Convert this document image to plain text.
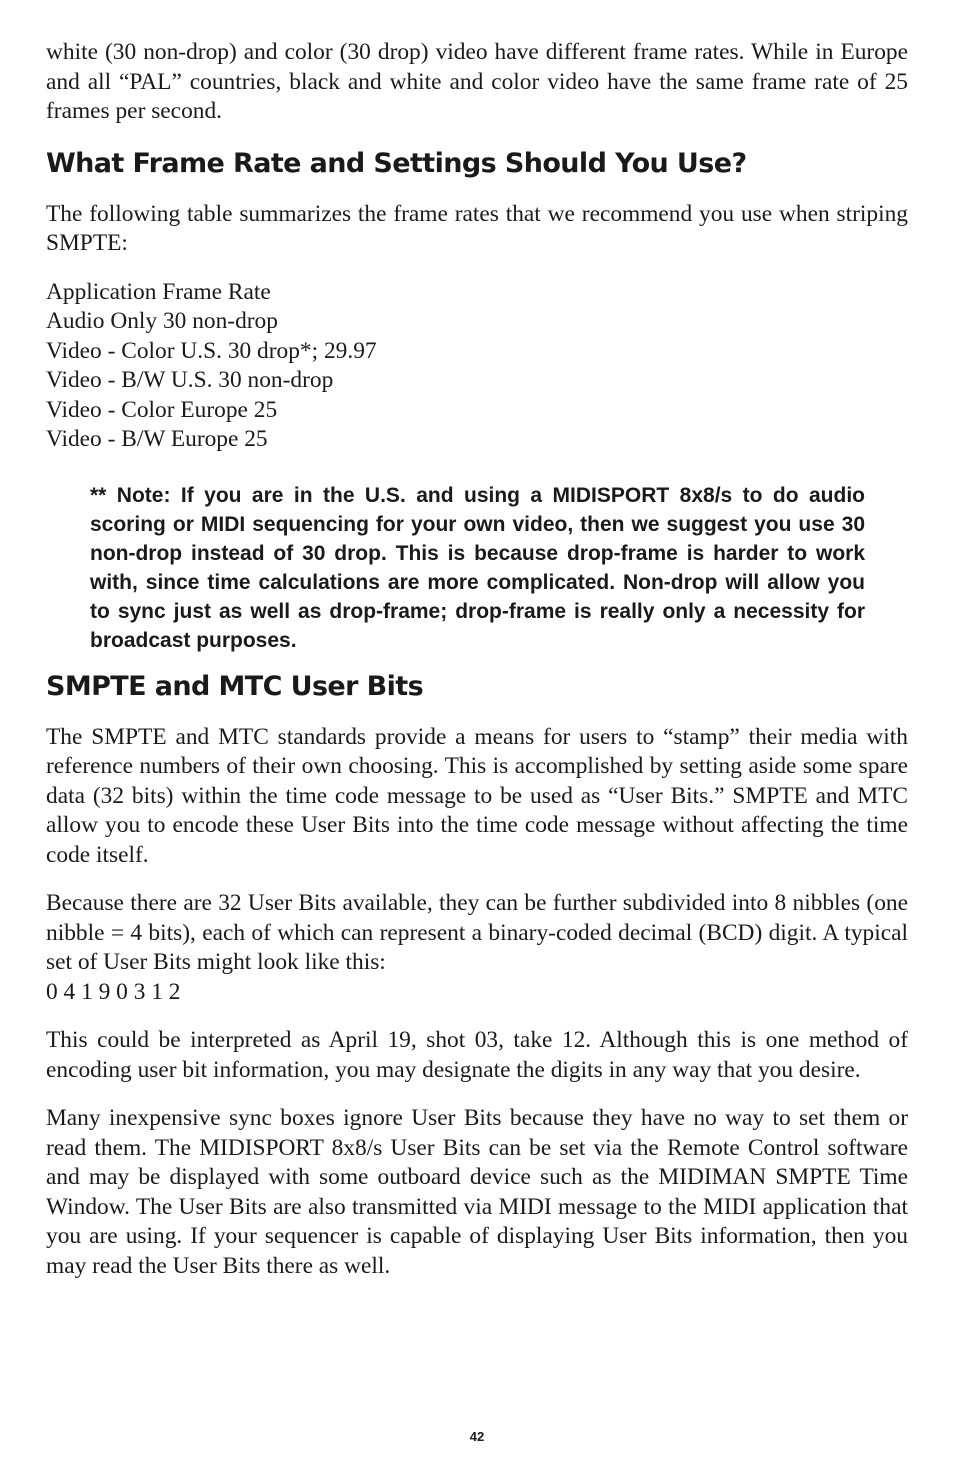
white (30 non-drop) and color (30 drop) video have different frame rates. While in Europe and all “PAL” countries, black and white and color video have the same frame rate of 25 frames per second.

What Frame Rate and Settings Should You Use?

The following table summarizes the frame rates that we recommend you use when striping SMPTE:

Application Frame Rate
Audio Only 30 non-drop
Video - Color U.S. 30 drop*; 29.97
Video - B/W U.S. 30 non-drop
Video - Color Europe 25
Video - B/W Europe 25

** Note: If you are in the U.S. and using a MIDISPORT 8x8/s to do audio scoring or MIDI sequencing for your own video, then we suggest you use 30 non-drop instead of 30 drop. This is because drop-frame is harder to work with, since time calculations are more complicated. Non-drop will allow you to sync just as well as drop-frame; drop-frame is really only a necessity for broadcast purposes.

SMPTE and MTC User Bits

The SMPTE and MTC standards provide a means for users to “stamp” their media with reference numbers of their own choosing. This is accomplished by setting aside some spare data (32 bits) within the time code message to be used as “User Bits.” SMPTE and MTC allow you to encode these User Bits into the time code message without affecting the time code itself.

Because there are 32 User Bits available, they can be further subdivided into 8 nibbles (one nibble = 4 bits), each of which can represent a binary-coded decimal (BCD) digit. A typical set of User Bits might look like this:
0 4 1 9 0 3 1 2

This could be interpreted as April 19, shot 03, take 12. Although this is one method of encoding user bit information, you may designate the digits in any way that you desire.

Many inexpensive sync boxes ignore User Bits because they have no way to set them or read them. The MIDISPORT 8x8/s User Bits can be set via the Remote Control software and may be displayed with some outboard device such as the MIDIMAN SMPTE Time Window. The User Bits are also transmitted via MIDI message to the MIDI application that you are using. If your sequencer is capable of displaying User Bits information, then you may read the User Bits there as well.

42
